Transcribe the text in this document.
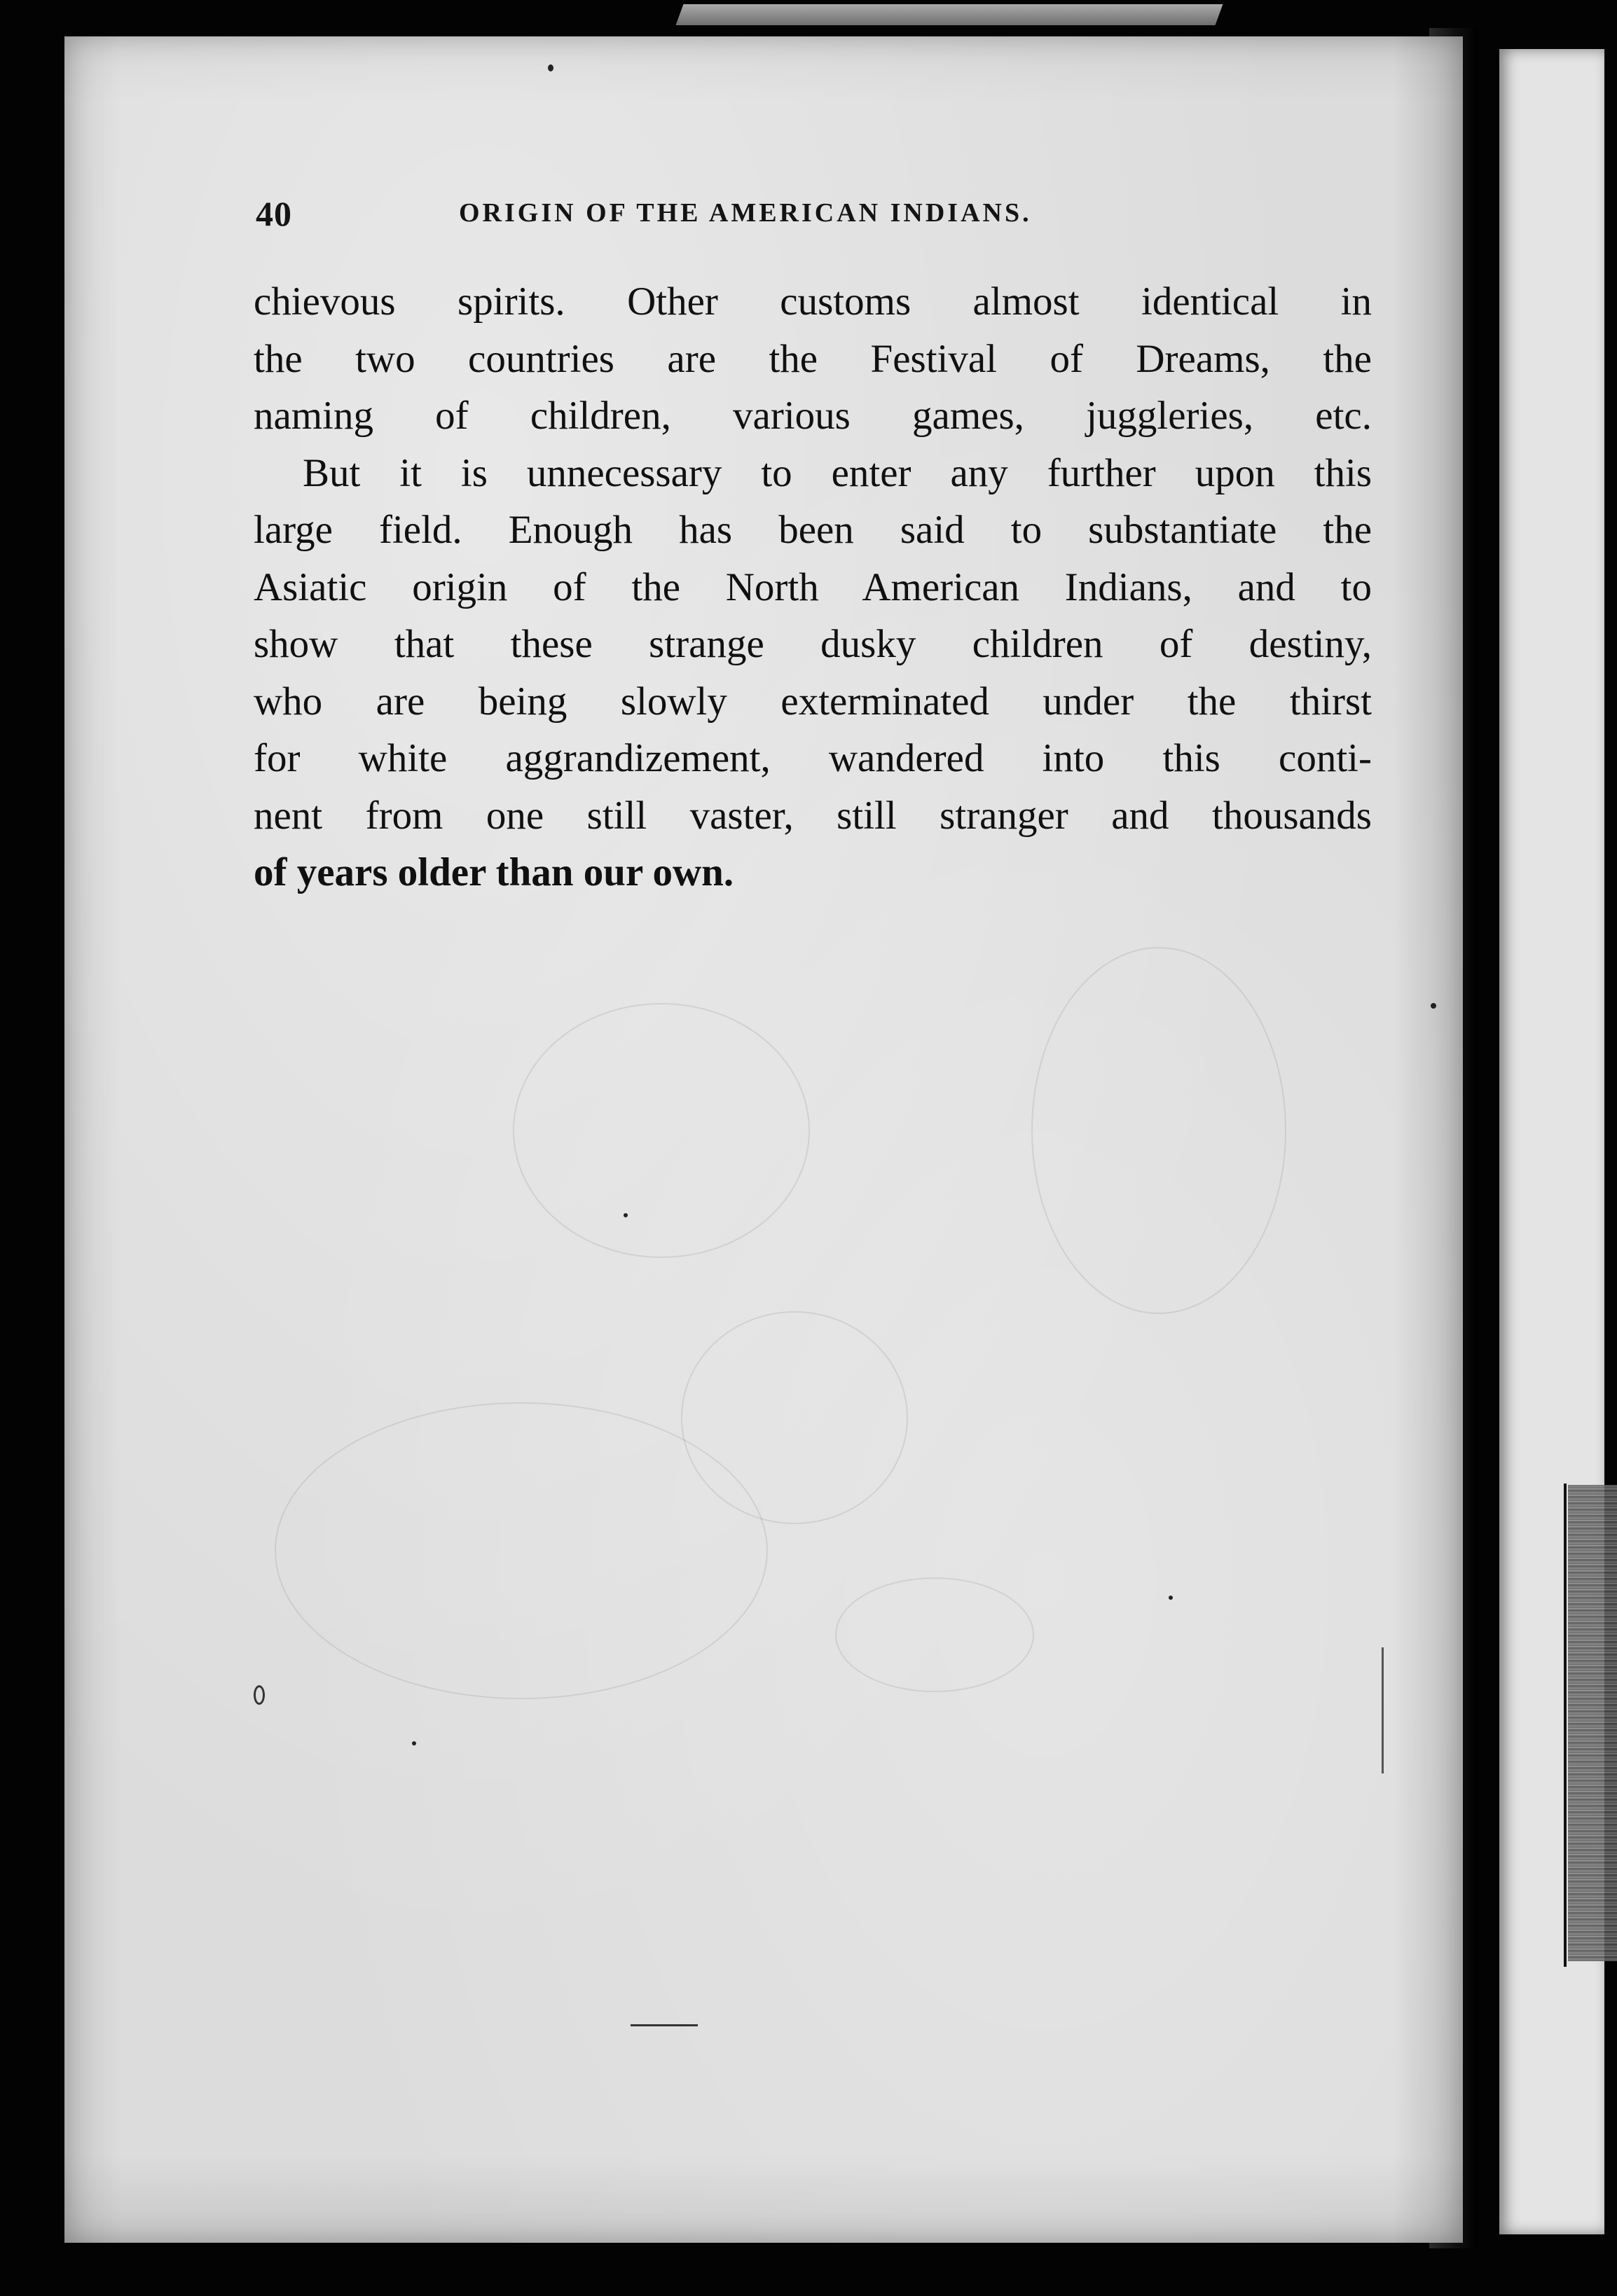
40	ORIGIN OF THE AMERICAN INDIANS.
chievous spirits. Other customs almost identical in
the two countries are the Festival of Dreams, the
naming of children, various games, juggleries, etc.
But it is unnecessary to enter any further upon this
large field. Enough has been said to substantiate the
Asiatic origin of the North American Indians, and to
show that these strange dusky children of destiny,
who are being slowly exterminated under the thirst
for white aggrandizement, wandered into this conti-
nent from one still vaster, still stranger and thousands
of years older than our own.
